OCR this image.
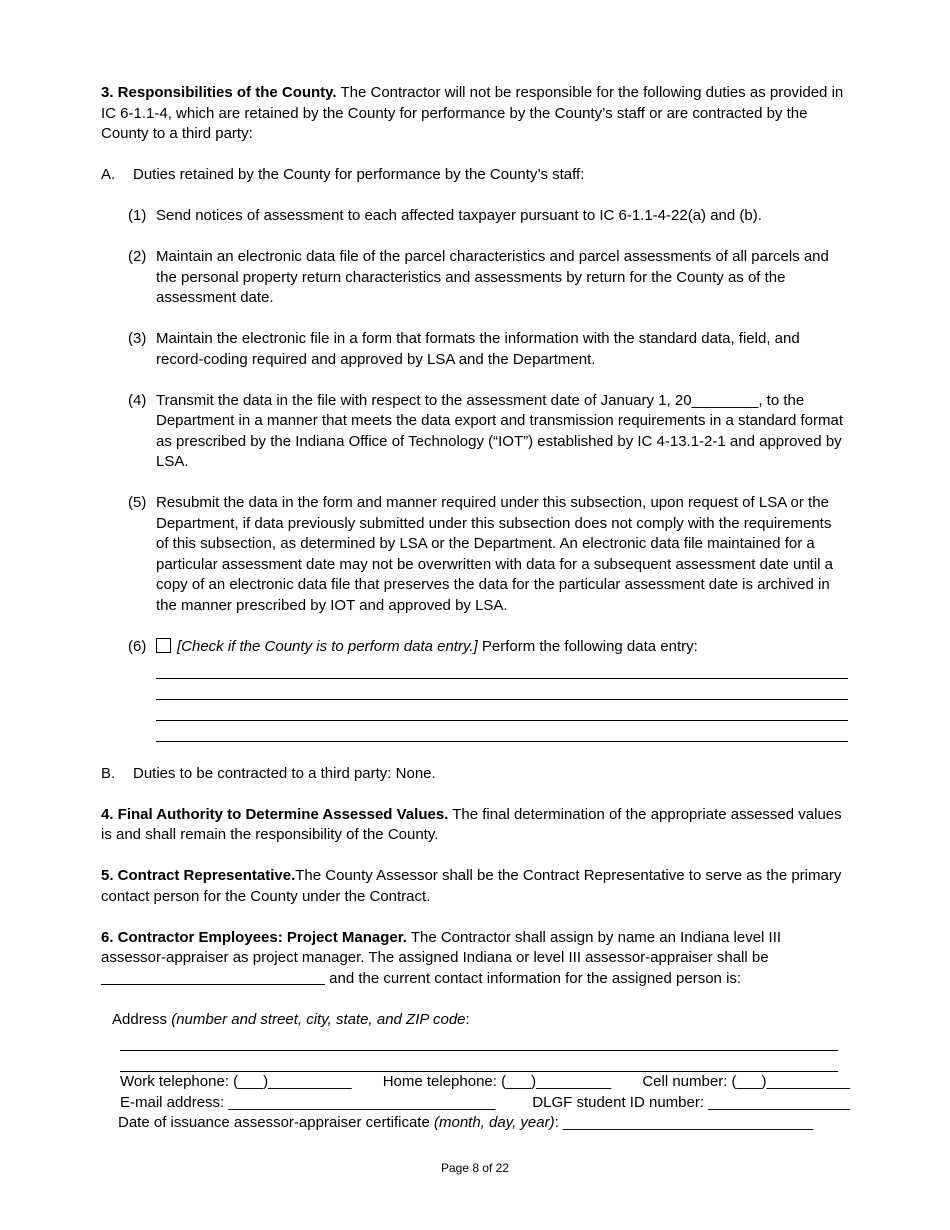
3. Responsibilities of the County. The Contractor will not be responsible for the following duties as provided in IC 6-1.1-4, which are retained by the County for performance by the County’s staff or are contracted by the County to a third party:

A.	Duties retained by the County for performance by the County’s staff:
(1) Send notices of assessment to each affected taxpayer pursuant to IC 6-1.1-4-22(a) and (b).
(2) Maintain an electronic data file of the parcel characteristics and parcel assessments of all parcels and the personal property return characteristics and assessments by return for the County as of the assessment date.
(3) Maintain the electronic file in a form that formats the information with the standard data, field, and record-coding required and approved by LSA and the Department.
(4) Transmit the data in the file with respect to the assessment date of January 1, 20________, to the Department in a manner that meets the data export and transmission requirements in a standard format as prescribed by the Indiana Office of Technology (“IOT”) established by IC 4-13.1-2-1 and approved by LSA.
(5) Resubmit the data in the form and manner required under this subsection, upon request of LSA or the Department, if data previously submitted under this subsection does not comply with the requirements of this subsection, as determined by LSA or the Department. An electronic data file maintained for a particular assessment date may not be overwritten with data for a subsequent assessment date until a copy of an electronic data file that preserves the data for the particular assessment date is archived in the manner prescribed by IOT and approved by LSA.
(6)	[Check if the County is to perform data entry.] Perform the following data entry:
B.	Duties to be contracted to a third party: None.

4. Final Authority to Determine Assessed Values. The final determination of the appropriate assessed values is and shall remain the responsibility of the County.

5. Contract Representative.The County Assessor shall be the Contract Representative to serve as the primary contact person for the County under the Contract.

6. Contractor Employees: Project Manager. The Contractor shall assign by name an Indiana level III assessor-appraiser as project manager. The assigned Indiana or level III assessor-appraiser shall be
and the current contact information for the assigned person is:

Address (number and street, city, state, and ZIP code:

Work telephone: (___)__________ Home telephone: (___)_________ Cell number: (___)__________
E-mail address: ________________________________ DLGF student ID number: _________________

Date of issuance assessor-appraiser certificate (month, day, year): ______________________________

Page 8 of 22
